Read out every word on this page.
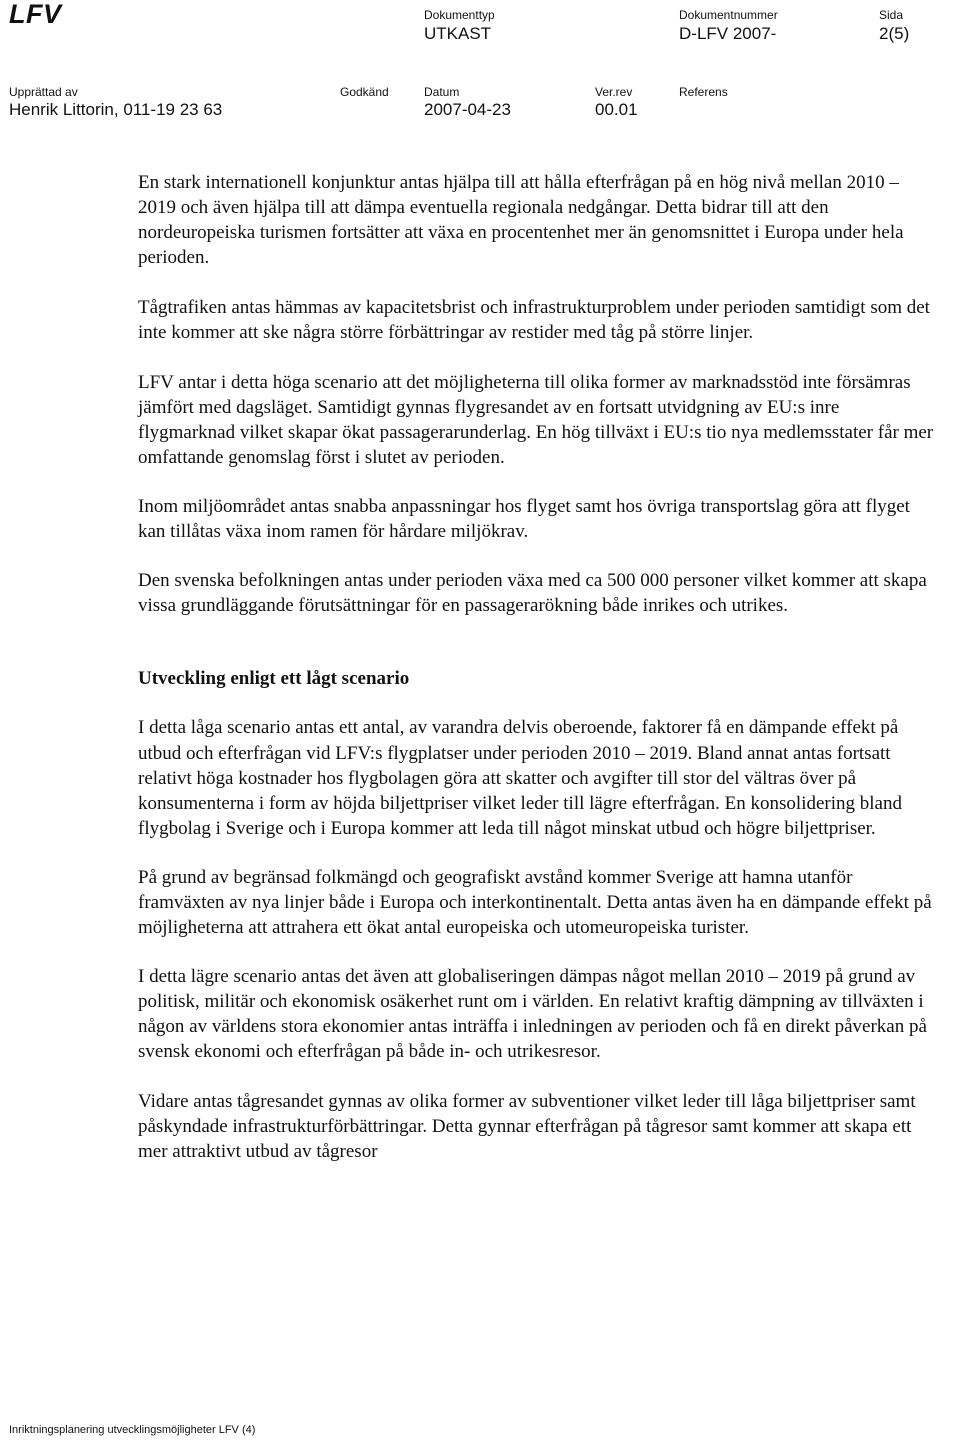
LFV	Dokumenttyp
UTKAST
Dokumentnummer
D-LFV 2007-
Sida
2(5)
Upprättad av
Henrik Littorin, 011-19 23 63
Godkänd	Datum
2007-04-23
Ver.rev
00.01
Referens

En stark internationell konjunktur antas hjälpa till att hålla efterfrågan på en hög nivå mellan 2010 – 2019 och även hjälpa till att dämpa eventuella regionala nedgångar. Detta bidrar till att den nordeuropeiska turismen fortsätter att växa en procentenhet mer än genomsnittet i Europa under hela perioden.

Tågtrafiken antas hämmas av kapacitetsbrist och infrastrukturproblem under perioden samtidigt som det inte kommer att ske några större förbättringar av restider med tåg på större linjer.

LFV antar i detta höga scenario att det möjligheterna till olika former av marknadsstöd inte försämras jämfört med dagsläget. Samtidigt gynnas flygresandet av en fortsatt utvidgning av EU:s inre flygmarknad vilket skapar ökat passagerarunderlag. En hög tillväxt i EU:s tio nya medlemsstater får mer omfattande genomslag först i slutet av perioden.

Inom miljöområdet antas snabba anpassningar hos flyget samt hos övriga transportslag göra att flyget kan tillåtas växa inom ramen för hårdare miljökrav.

Den svenska befolkningen antas under perioden växa med ca 500 000 personer vilket kommer att skapa vissa grundläggande förutsättningar för en passagerarökning både inrikes och utrikes.

Utveckling enligt ett lågt scenario

I detta låga scenario antas ett antal, av varandra delvis oberoende, faktorer få en dämpande effekt på utbud och efterfrågan vid LFV:s flygplatser under perioden 2010 – 2019. Bland annat antas fortsatt relativt höga kostnader hos flygbolagen göra att skatter och avgifter till stor del vältras över på konsumenterna i form av höjda biljettpriser vilket leder till lägre efterfrågan. En konsolidering bland flygbolag i Sverige och i Europa kommer att leda till något minskat utbud och högre biljettpriser.

På grund av begränsad folkmängd och geografiskt avstånd kommer Sverige att hamna utanför framväxten av nya linjer både i Europa och interkontinentalt. Detta antas även ha en dämpande effekt på möjligheterna att attrahera ett ökat antal europeiska och utomeuropeiska turister.

I detta lägre scenario antas det även att globaliseringen dämpas något mellan 2010 – 2019 på grund av politisk, militär och ekonomisk osäkerhet runt om i världen. En relativt kraftig dämpning av tillväxten i någon av världens stora ekonomier antas inträffa i inledningen av perioden och få en direkt påverkan på svensk ekonomi och efterfrågan på både in- och utrikesresor.

Vidare antas tågresandet gynnas av olika former av subventioner vilket leder till låga biljettpriser samt påskyndade infrastrukturförbättringar. Detta gynnar efterfrågan på tågresor samt kommer att skapa ett mer attraktivt utbud av tågresor

Inriktningsplanering utvecklingsmöjligheter LFV (4)
